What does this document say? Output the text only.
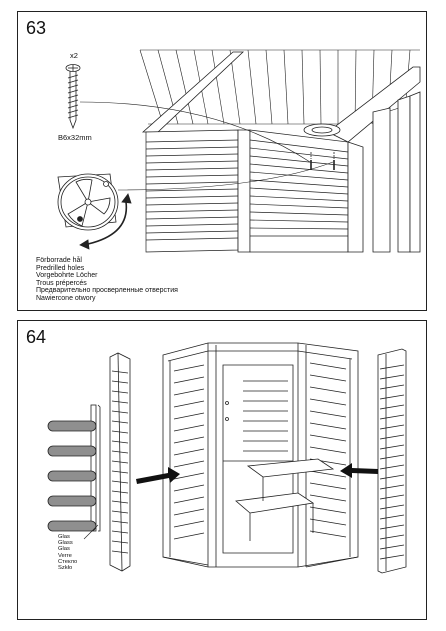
63
x2
B6x32mm
Förborrade hål
Predrilled holes
Vorgebohrte Löcher
Trous prépercés
Предварительно просверленные отверстия
Nawiercone otwory
64
Glas
Glass
Glas
Verre
Стекло
Szkło
